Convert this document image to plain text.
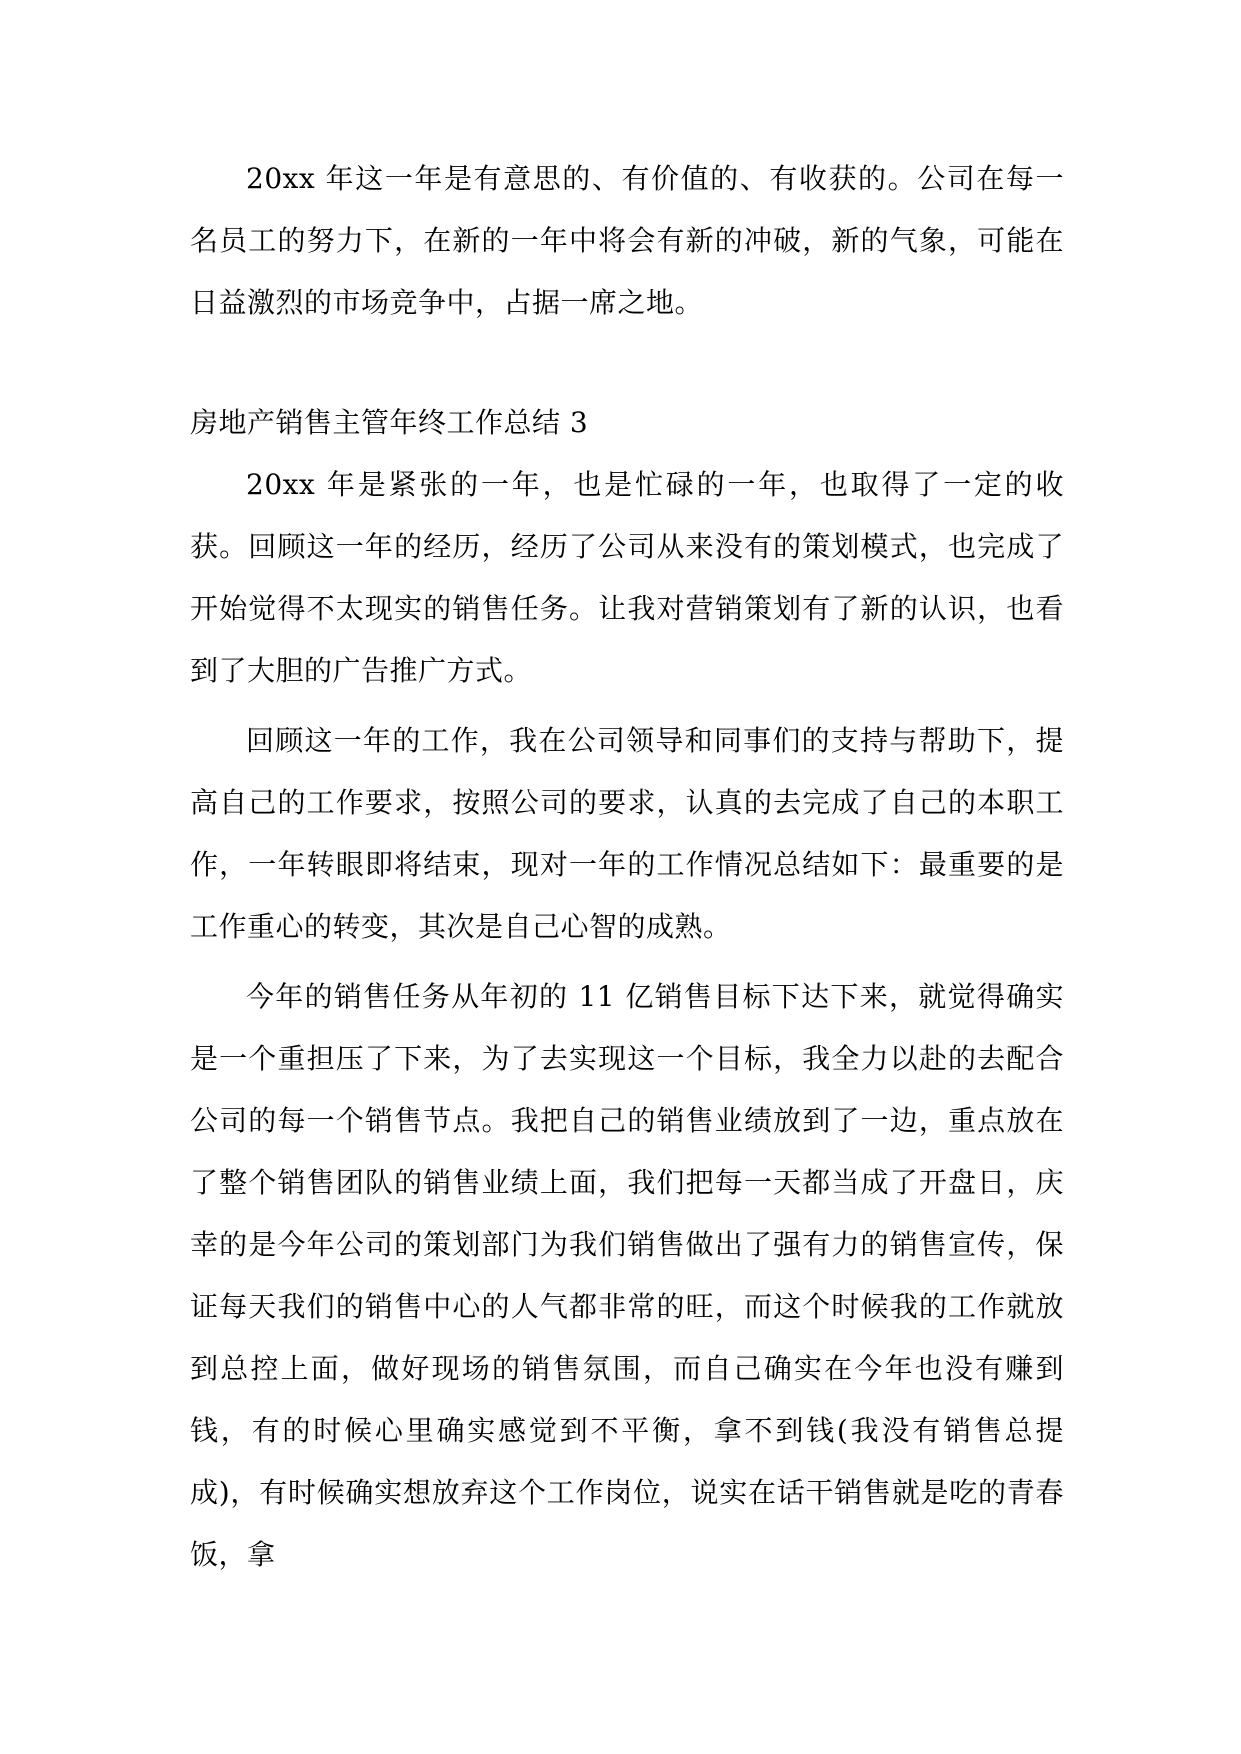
20xx 年这一年是有意思的、有价值的、有收获的。公司在每一名员工的努力下，在新的一年中将会有新的冲破，新的气象，可能在日益激烈的市场竞争中，占据一席之地。

房地产销售主管年终工作总结 3

20xx 年是紧张的一年，也是忙碌的一年，也取得了一定的收获。回顾这一年的经历，经历了公司从来没有的策划模式，也完成了开始觉得不太现实的销售任务。让我对营销策划有了新的认识，也看到了大胆的广告推广方式。

回顾这一年的工作，我在公司领导和同事们的支持与帮助下，提高自己的工作要求，按照公司的要求，认真的去完成了自己的本职工作，一年转眼即将结束，现对一年的工作情况总结如下：最重要的是工作重心的转变，其次是自己心智的成熟。

今年的销售任务从年初的 11 亿销售目标下达下来，就觉得确实是一个重担压了下来，为了去实现这一个目标，我全力以赴的去配合公司的每一个销售节点。我把自己的销售业绩放到了一边，重点放在了整个销售团队的销售业绩上面，我们把每一天都当成了开盘日，庆幸的是今年公司的策划部门为我们销售做出了强有力的销售宣传，保证每天我们的销售中心的人气都非常的旺，而这个时候我的工作就放到总控上面，做好现场的销售氛围，而自己确实在今年也没有赚到钱，有的时候心里确实感觉到不平衡，拿不到钱(我没有销售总提成)，有时候确实想放弃这个工作岗位，说实在话干销售就是吃的青春饭，拿
